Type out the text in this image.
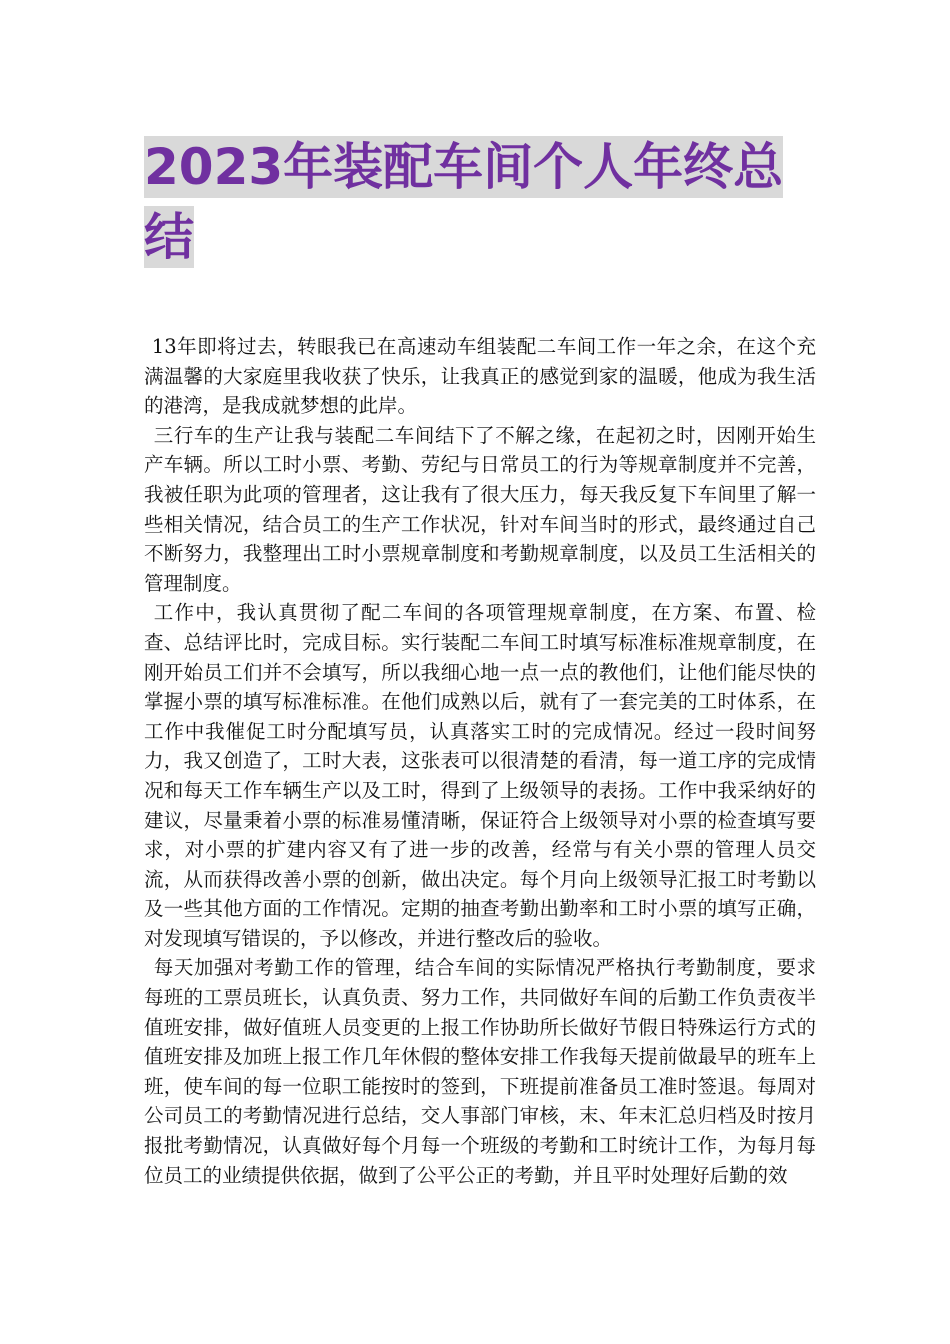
2023年装配车间个人年终总结

13年即将过去，转眼我已在高速动车组装配二车间工作一年之余，在这个充满温馨的大家庭里我收获了快乐，让我真正的感觉到家的温暖，他成为我生活的港湾，是我成就梦想的此岸。

三行车的生产让我与装配二车间结下了不解之缘，在起初之时，因刚开始生产车辆。所以工时小票、考勤、劳纪与日常员工的行为等规章制度并不完善，我被任职为此项的管理者，这让我有了很大压力，每天我反复下车间里了解一些相关情况，结合员工的生产工作状况，针对车间当时的形式，最终通过自己不断努力，我整理出工时小票规章制度和考勤规章制度，以及员工生活相关的管理制度。

工作中，我认真贯彻了配二车间的各项管理规章制度，在方案、布置、检查、总结评比时，完成目标。实行装配二车间工时填写标准标准规章制度，在刚开始员工们并不会填写，所以我细心地一点一点的教他们，让他们能尽快的掌握小票的填写标准标准。在他们成熟以后，就有了一套完美的工时体系，在工作中我催促工时分配填写员，认真落实工时的完成情况。经过一段时间努力，我又创造了，工时大表，这张表可以很清楚的看清，每一道工序的完成情况和每天工作车辆生产以及工时，得到了上级领导的表扬。工作中我采纳好的建议，尽量秉着小票的标准易懂清晰，保证符合上级领导对小票的检查填写要求，对小票的扩建内容又有了进一步的改善，经常与有关小票的管理人员交流，从而获得改善小票的创新，做出决定。每个月向上级领导汇报工时考勤以及一些其他方面的工作情况。定期的抽查考勤出勤率和工时小票的填写正确，对发现填写错误的，予以修改，并进行整改后的验收。

每天加强对考勤工作的管理，结合车间的实际情况严格执行考勤制度，要求每班的工票员班长，认真负责、努力工作，共同做好车间的后勤工作负责夜半值班安排，做好值班人员变更的上报工作协助所长做好节假日特殊运行方式的值班安排及加班上报工作几年休假的整体安排工作我每天提前做最早的班车上班，使车间的每一位职工能按时的签到，下班提前准备员工准时签退。每周对公司员工的考勤情况进行总结，交人事部门审核，末、年末汇总归档及时按月报批考勤情况，认真做好每个月每一个班级的考勤和工时统计工作，为每月每位员工的业绩提供依据，做到了公平公正的考勤，并且平时处理好后勤的效
